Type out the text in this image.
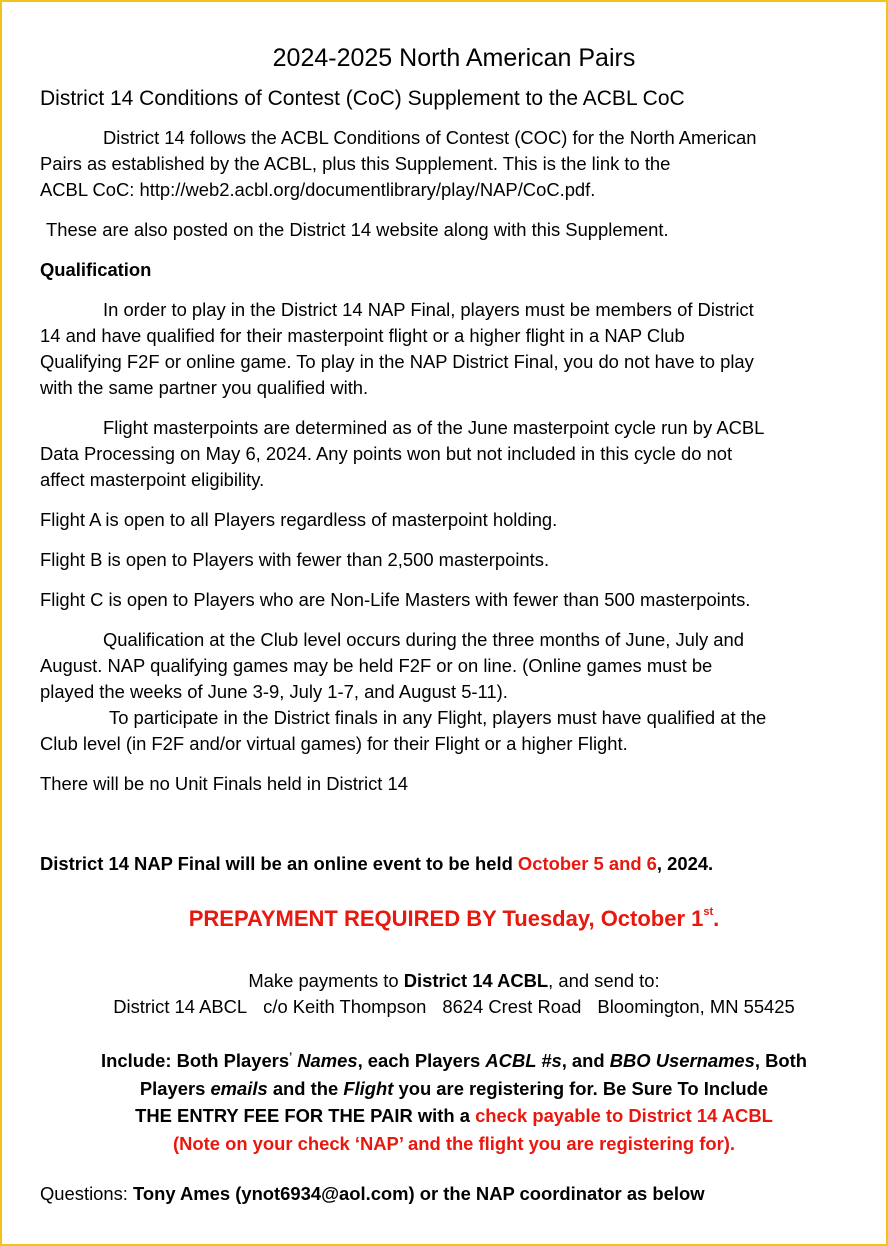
2024-2025 North American Pairs
District 14 Conditions of Contest (CoC) Supplement to the ACBL CoC

District 14 follows the ACBL Conditions of Contest (COC) for the North American
Pairs as established by the ACBL, plus this Supplement. This is the link to the
ACBL CoC: http://web2.acbl.org/documentlibrary/play/NAP/CoC.pdf.

These are also posted on the District 14 website along with this Supplement.

Qualification

In order to play in the District 14 NAP Final, players must be members of District
14 and have qualified for their masterpoint flight or a higher flight in a NAP Club
Qualifying F2F or online game. To play in the NAP District Final, you do not have to play
with the same partner you qualified with.

Flight masterpoints are determined as of the June masterpoint cycle run by ACBL
Data Processing on May 6, 2024. Any points won but not included in this cycle do not
affect masterpoint eligibility.

Flight A is open to all Players regardless of masterpoint holding.

Flight B is open to Players with fewer than 2,500 masterpoints.

Flight C is open to Players who are Non-Life Masters with fewer than 500 masterpoints.

Qualification at the Club level occurs during the three months of June, July and
August. NAP qualifying games may be held F2F or on line. (Online games must be
played the weeks of June 3-9, July 1-7, and August 5-11).

To participate in the District finals in any Flight, players must have qualified at the
Club level (in F2F and/or virtual games) for their Flight or a higher Flight.

There will be no Unit Finals held in District 14

District 14 NAP Final will be an online event to be held October 5 and 6, 2024.

PREPAYMENT REQUIRED BY Tuesday, October 1st.

Make payments to District 14 ACBL, and send to:

District 14 ABCL c/o Keith Thompson 8624 Crest Road Bloomington, MN 55425

Include: Both Players’ Names, each Players ACBL #s, and BBO Usernames, Both

Players emails and the Flight you are registering for. Be Sure To Include

THE ENTRY FEE FOR THE PAIR with a check payable to District 14 ACBL

(Note on your check ‘NAP’ and the flight you are registering for).

Questions: Tony Ames (ynot6934@aol.com) or the NAP coordinator as below
